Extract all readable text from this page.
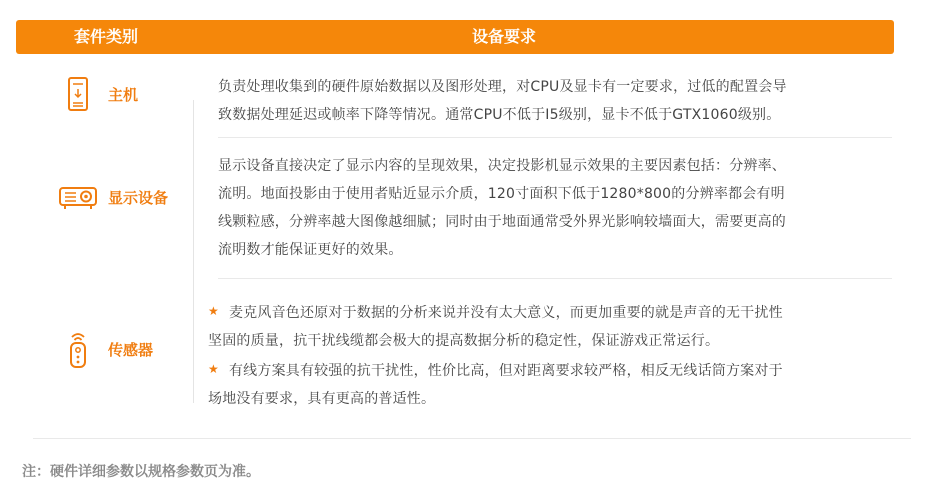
套件类别	设备要求
主机	负责处理收集到的硬件原始数据以及图形处理，对CPU及显卡有一定要求，过低的配置会导

致数据处理延迟或帧率下降等情况。通常CPU不低于I5级别，显卡不低于GTX1060级别。

显示设备

显示设备直接决定了显示内容的呈现效果，决定投影机显示效果的主要因素包括：分辨率、

流明。地面投影由于使用者贴近显示介质，120寸面积下低于1280*800的分辨率都会有明

线颗粒感，分辨率越大图像越细腻；同时由于地面通常受外界光影响较墙面大，需要更高的

流明数才能保证更好的效果。

传感器

★ 麦克风音色还原对于数据的分析来说并没有太大意义，而更加重要的就是声音的无干扰性

坚固的质量，抗干扰线缆都会极大的提高数据分析的稳定性，保证游戏正常运行。

★ 有线方案具有较强的抗干扰性，性价比高，但对距离要求较严格，相反无线话筒方案对于

场地没有要求，具有更高的普适性。

注：硬件详细参数以规格参数页为准。
